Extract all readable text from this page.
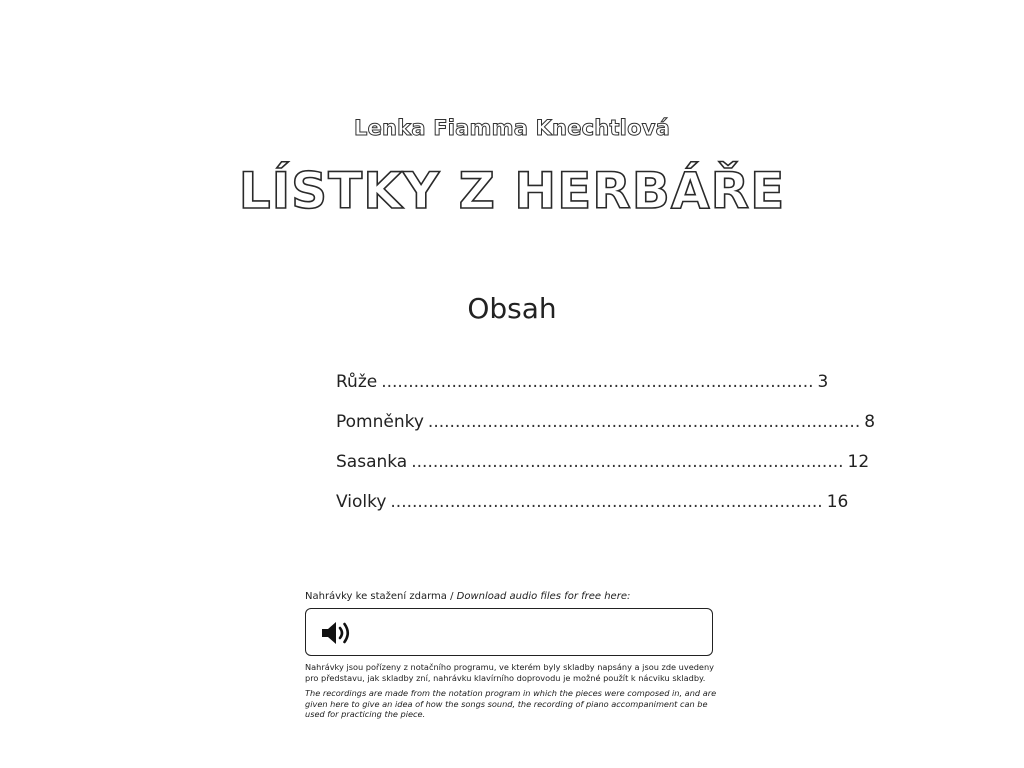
Lenka Fiamma Knechtlová
LÍSTKY Z HERBÁŘE
Obsah
Růže ................................................................................ 3
Pomněnky ................................................................................ 8
Sasanka ................................................................................ 12
Violky ................................................................................ 16
Nahrávky ke stažení zdarma / Download audio files for free here:
Nahrávky jsou pořízeny z notačního programu, ve kterém byly skladby napsány a jsou zde uvedeny pro představu, jak skladby zní, nahrávku klavírního doprovodu je možné použít k nácviku skladby.
The recordings are made from the notation program in which the pieces were composed in, and are given here to give an idea of how the songs sound, the recording of piano accompaniment can be used for practicing the piece.
